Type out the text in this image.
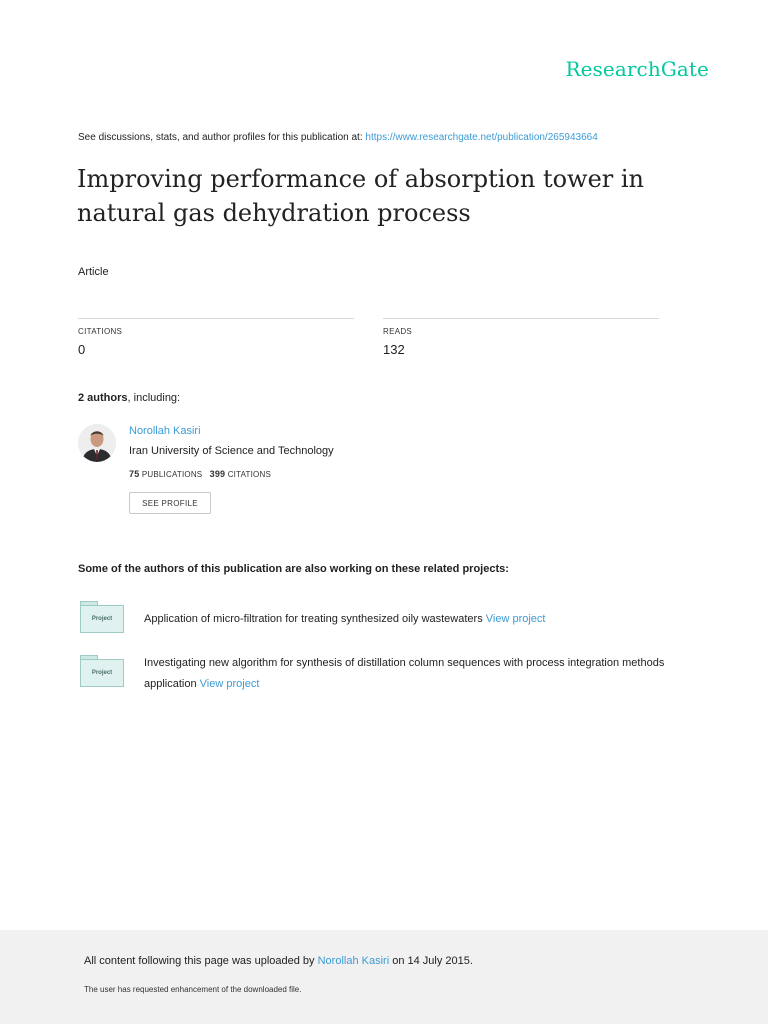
ResearchGate
See discussions, stats, and author profiles for this publication at: https://www.researchgate.net/publication/265943664
Improving performance of absorption tower in natural gas dehydration process
Article
CITATIONS
0
READS
132
2 authors, including:
Norollah Kasiri
Iran University of Science and Technology
75 PUBLICATIONS 399 CITATIONS
SEE PROFILE
Some of the authors of this publication are also working on these related projects:
Project	Application of micro-filtration for treating synthesized oily wastewaters View project
Project
Investigating new algorithm for synthesis of distillation column sequences with process integration methods application View project
All content following this page was uploaded by Norollah Kasiri on 14 July 2015.
The user has requested enhancement of the downloaded file.
